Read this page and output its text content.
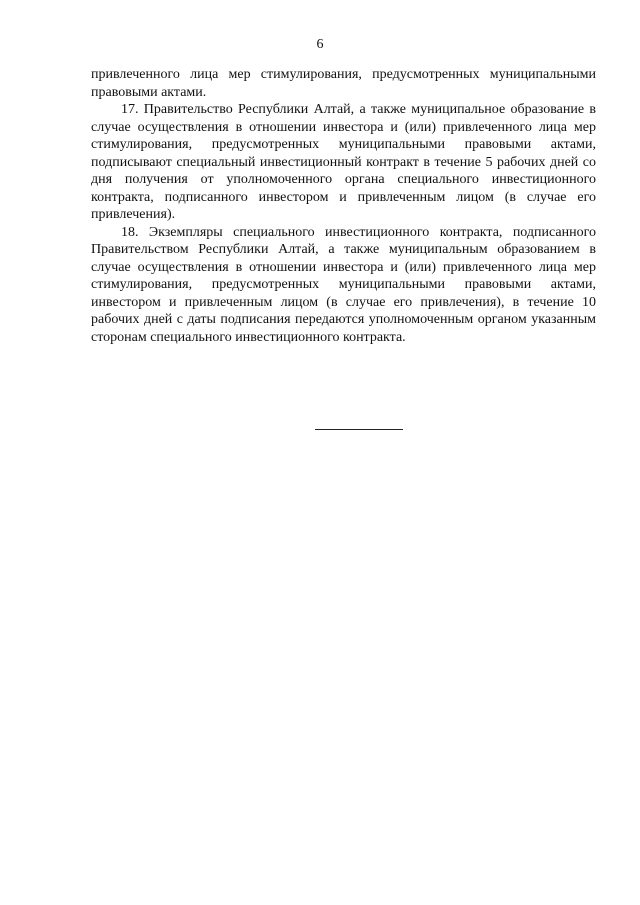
6

привлеченного лица мер стимулирования, предусмотренных муниципальными правовыми актами.

17. Правительство Республики Алтай, а также муниципальное образование в случае осуществления в отношении инвестора и (или) привлеченного лица мер стимулирования, предусмотренных муниципальными правовыми актами, подписывают специальный инвестиционный контракт в течение 5 рабочих дней со дня получения от уполномоченного органа специального инвестиционного контракта, подписанного инвестором и привлеченным лицом (в случае его привлечения).

18. Экземпляры специального инвестиционного контракта, подписанного Правительством Республики Алтай, а также муниципальным образованием в случае осуществления в отношении инвестора и (или) привлеченного лица мер стимулирования, предусмотренных муниципальными правовыми актами, инвестором и привлеченным лицом (в случае его привлечения), в течение 10 рабочих дней с даты подписания передаются уполномоченным органом указанным сторонам специального инвестиционного контракта.
